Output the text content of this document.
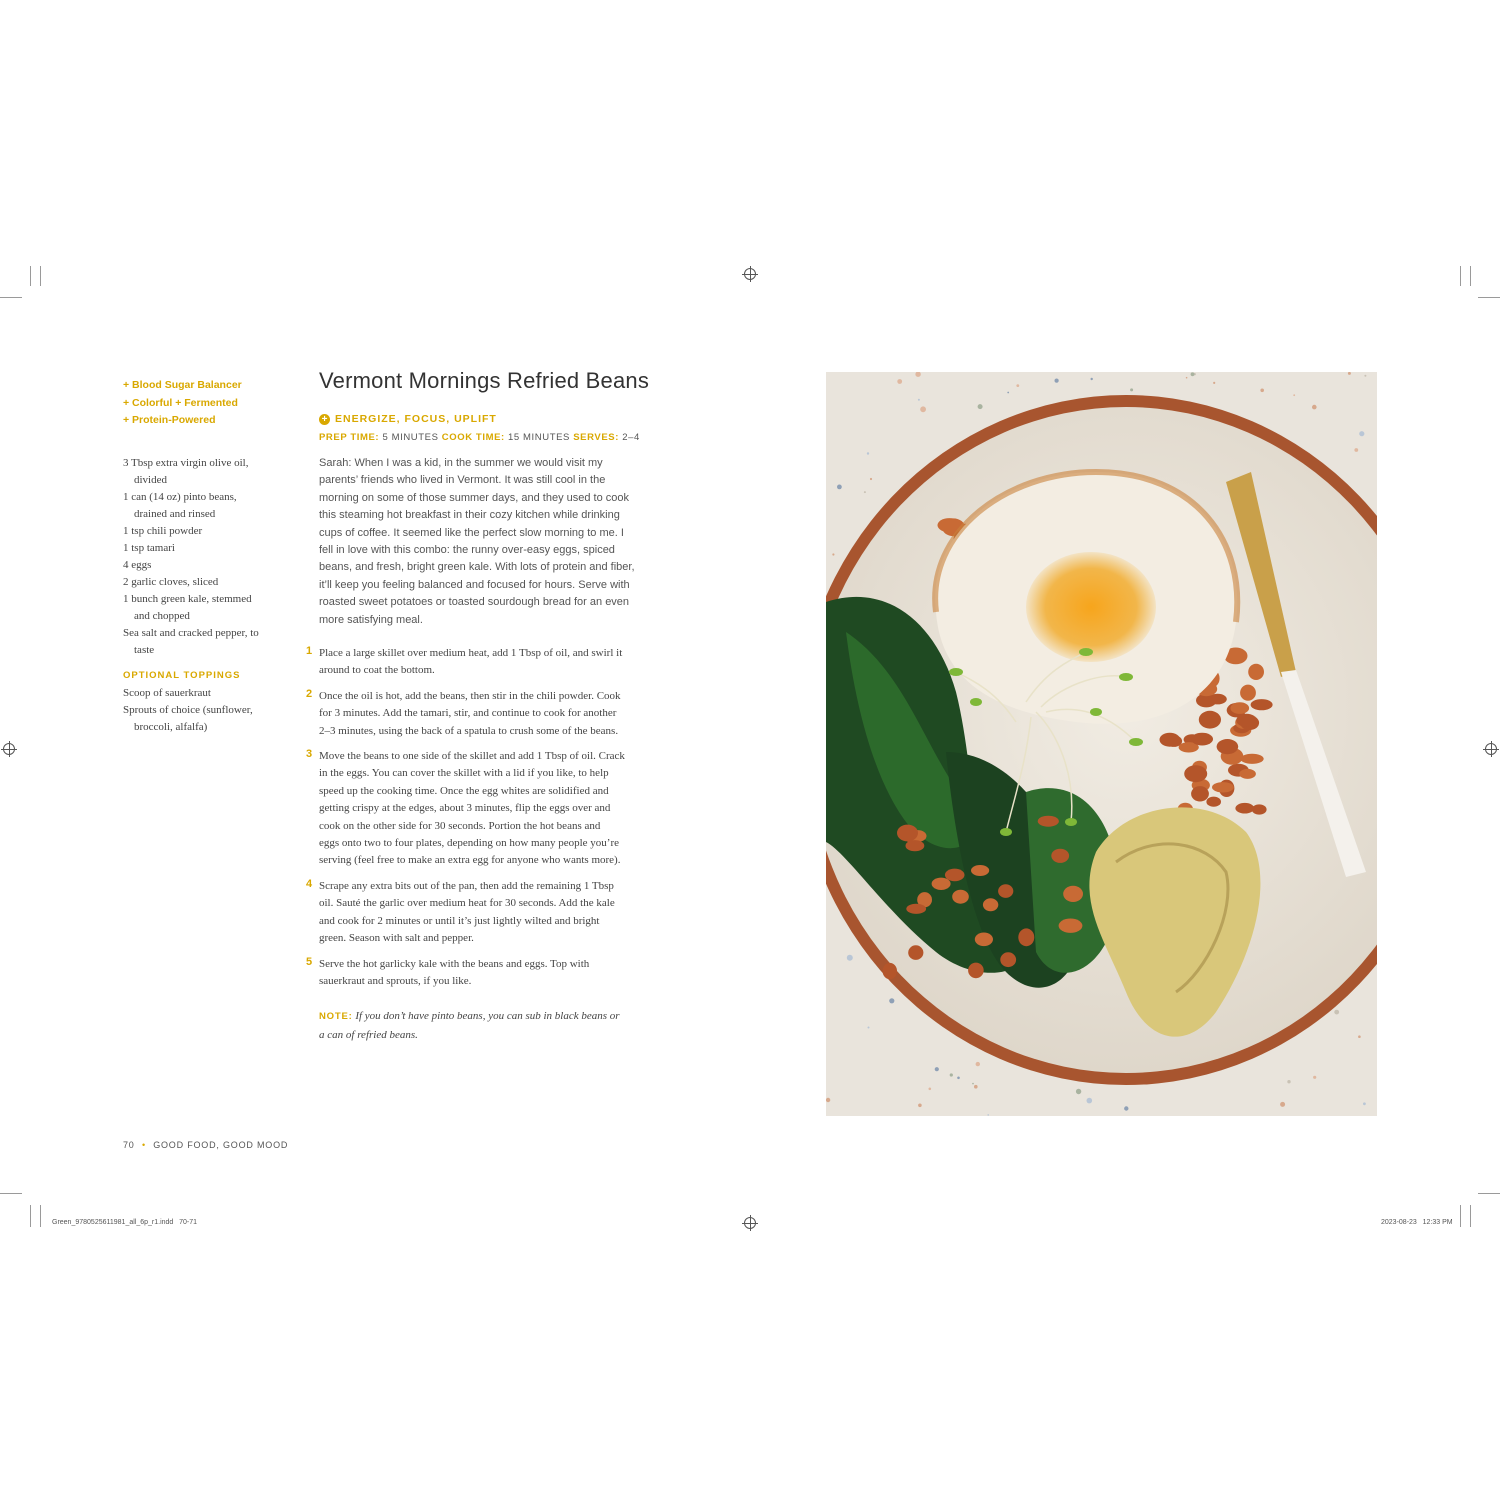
+ Blood Sugar Balancer
+ Colorful + Fermented
+ Protein-Powered
3 Tbsp extra virgin olive oil,
divided
1 can (14 oz) pinto beans,
drained and rinsed
1 tsp chili powder
1 tsp tamari
4 eggs
2 garlic cloves, sliced
1 bunch green kale, stemmed
and chopped
Sea salt and cracked pepper, to
taste
OPTIONAL TOPPINGS
Scoop of sauerkraut
Sprouts of choice (sunflower,
broccoli, alfalfa)
Vermont Mornings Refried Beans
+ ENERGIZE, FOCUS, UPLIFT
PREP TIME: 5 MINUTES COOK TIME: 15 MINUTES SERVES: 2–4
Sarah: When I was a kid, in the summer we would visit my
parents’ friends who lived in Vermont. It was still cool in the
morning on some of those summer days, and they used to cook
this steaming hot breakfast in their cozy kitchen while drinking
cups of coffee. It seemed like the perfect slow morning to me. I
fell in love with this combo: the runny over-easy eggs, spiced
beans, and fresh, bright green kale. With lots of protein and fiber,
it’ll keep you feeling balanced and focused for hours. Serve with
roasted sweet potatoes or toasted sourdough bread for an even
more satisfying meal.
1 Place a large skillet over medium heat, add 1 Tbsp of oil, and swirl it
around to coat the bottom.
2 Once the oil is hot, add the beans, then stir in the chili powder. Cook
for 3 minutes. Add the tamari, stir, and continue to cook for another
2–3 minutes, using the back of a spatula to crush some of the beans.
3 Move the beans to one side of the skillet and add 1 Tbsp of oil. Crack
in the eggs. You can cover the skillet with a lid if you like, to help
speed up the cooking time. Once the egg whites are solidified and
getting crispy at the edges, about 3 minutes, flip the eggs over and
cook on the other side for 30 seconds. Portion the hot beans and
eggs onto two to four plates, depending on how many people you’re
serving (feel free to make an extra egg for anyone who wants more).
4 Scrape any extra bits out of the pan, then add the remaining 1 Tbsp
oil. Sauté the garlic over medium heat for 30 seconds. Add the kale
and cook for 2 minutes or until it’s just lightly wilted and bright
green. Season with salt and pepper.
5 Serve the hot garlicky kale with the beans and eggs. Top with
sauerkraut and sprouts, if you like.
NOTE: If you don’t have pinto beans, you can sub in black beans or
a can of refried beans.
70 • GOOD FOOD, GOOD MOOD
Green_9780525611981_all_6p_r1.indd   70-71	2023-08-23   12:33 PM
